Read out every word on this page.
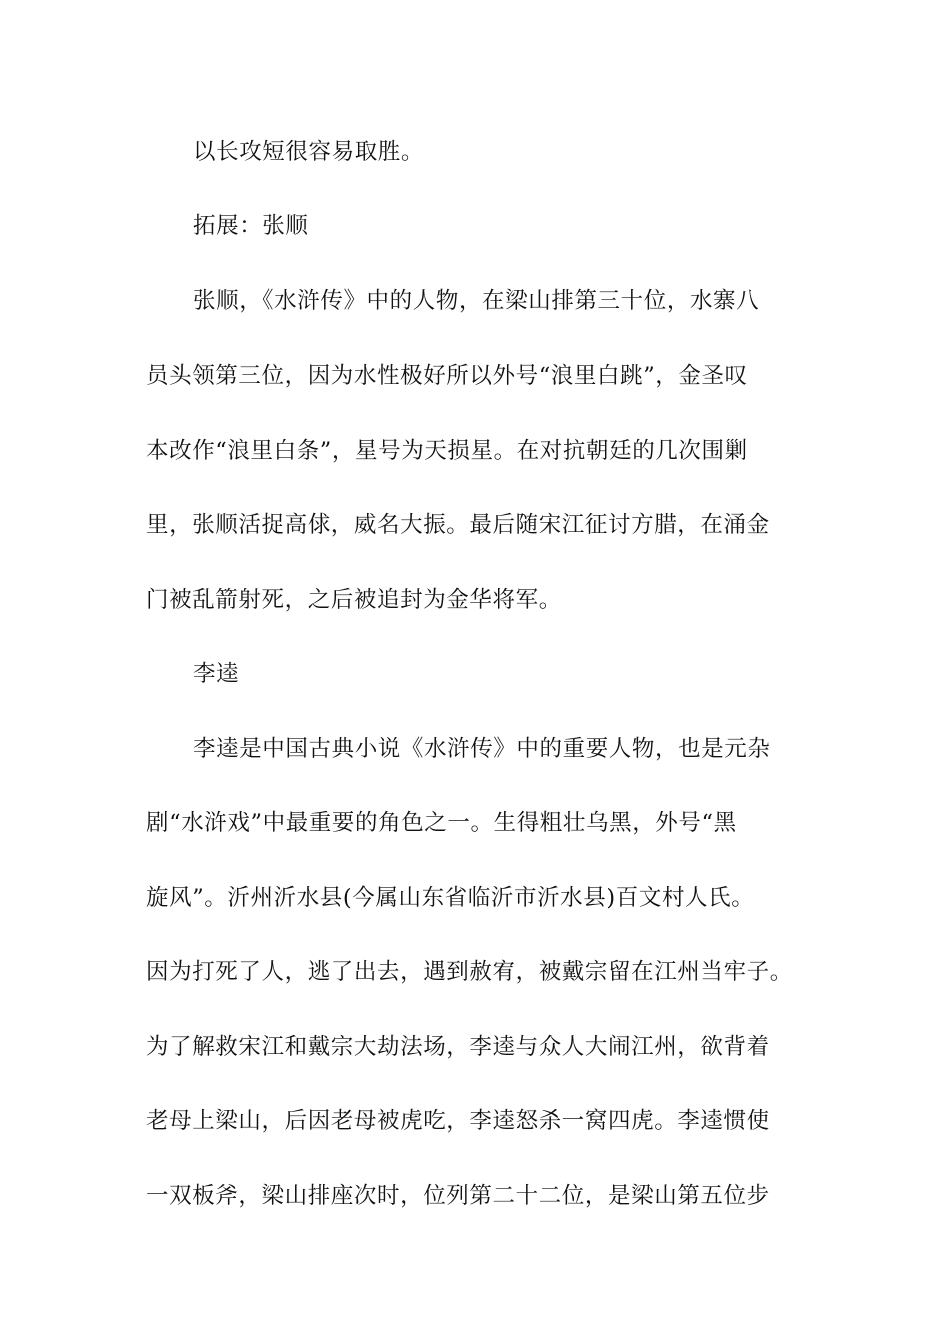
以长攻短很容易取胜。
拓展：张顺
张顺，《水浒传》中的人物，在梁山排第三十位，水寨八
员头领第三位，因为水性极好所以外号“浪里白跳”，金圣叹
本改作“浪里白条”，星号为天损星。在对抗朝廷的几次围剿
里，张顺活捉高俅，威名大振。最后随宋江征讨方腊，在涌金
门被乱箭射死，之后被追封为金华将军。
李逵
李逵是中国古典小说《水浒传》中的重要人物，也是元杂
剧“水浒戏”中最重要的角色之一。生得粗壮乌黑，外号“黑
旋风”。沂州沂水县(今属山东省临沂市沂水县)百文村人氏。
因为打死了人，逃了出去，遇到赦宥，被戴宗留在江州当牢子。
为了解救宋江和戴宗大劫法场，李逵与众人大闹江州，欲背着
老母上梁山，后因老母被虎吃，李逵怒杀一窝四虎。李逵惯使
一双板斧，梁山排座次时，位列第二十二位，是梁山第五位步
